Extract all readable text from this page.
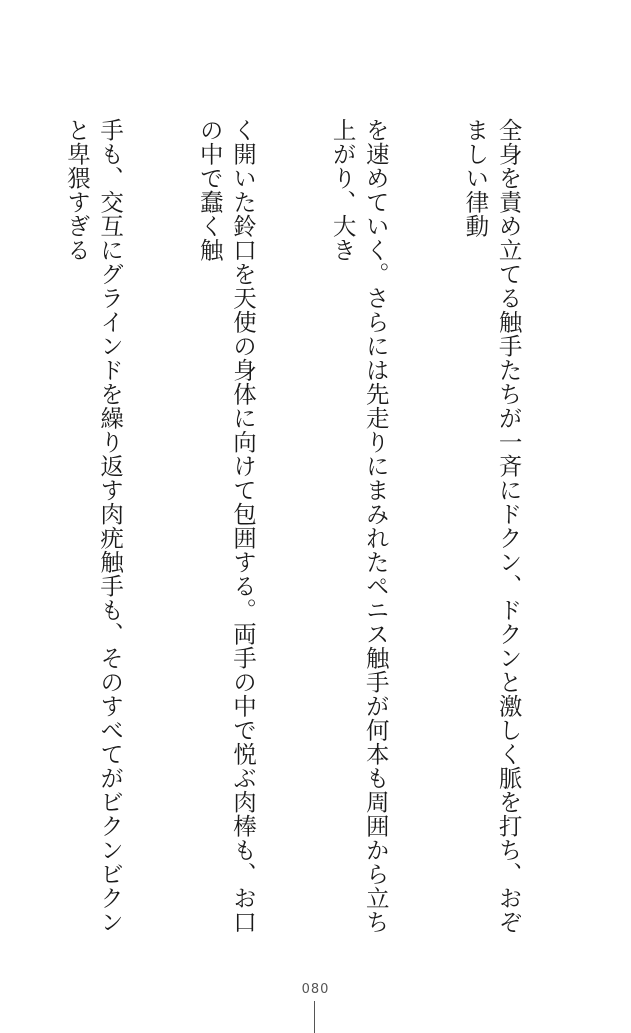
全身を責め立てる触手たちが一斉にドクン、ドクンと激しく脈を打ち、おぞましい律動

を速めていく。さらには先走りにまみれたペニス触手が何本も周囲から立ち上がり、大き

く開いた鈴口を天使の身体に向けて包囲する。両手の中で悦ぶ肉棒も、お口の中で蠢く触

手も、交互にグラインドを繰り返す肉疣触手も、そのすべてがビクンビクンと卑猥すぎる

080
